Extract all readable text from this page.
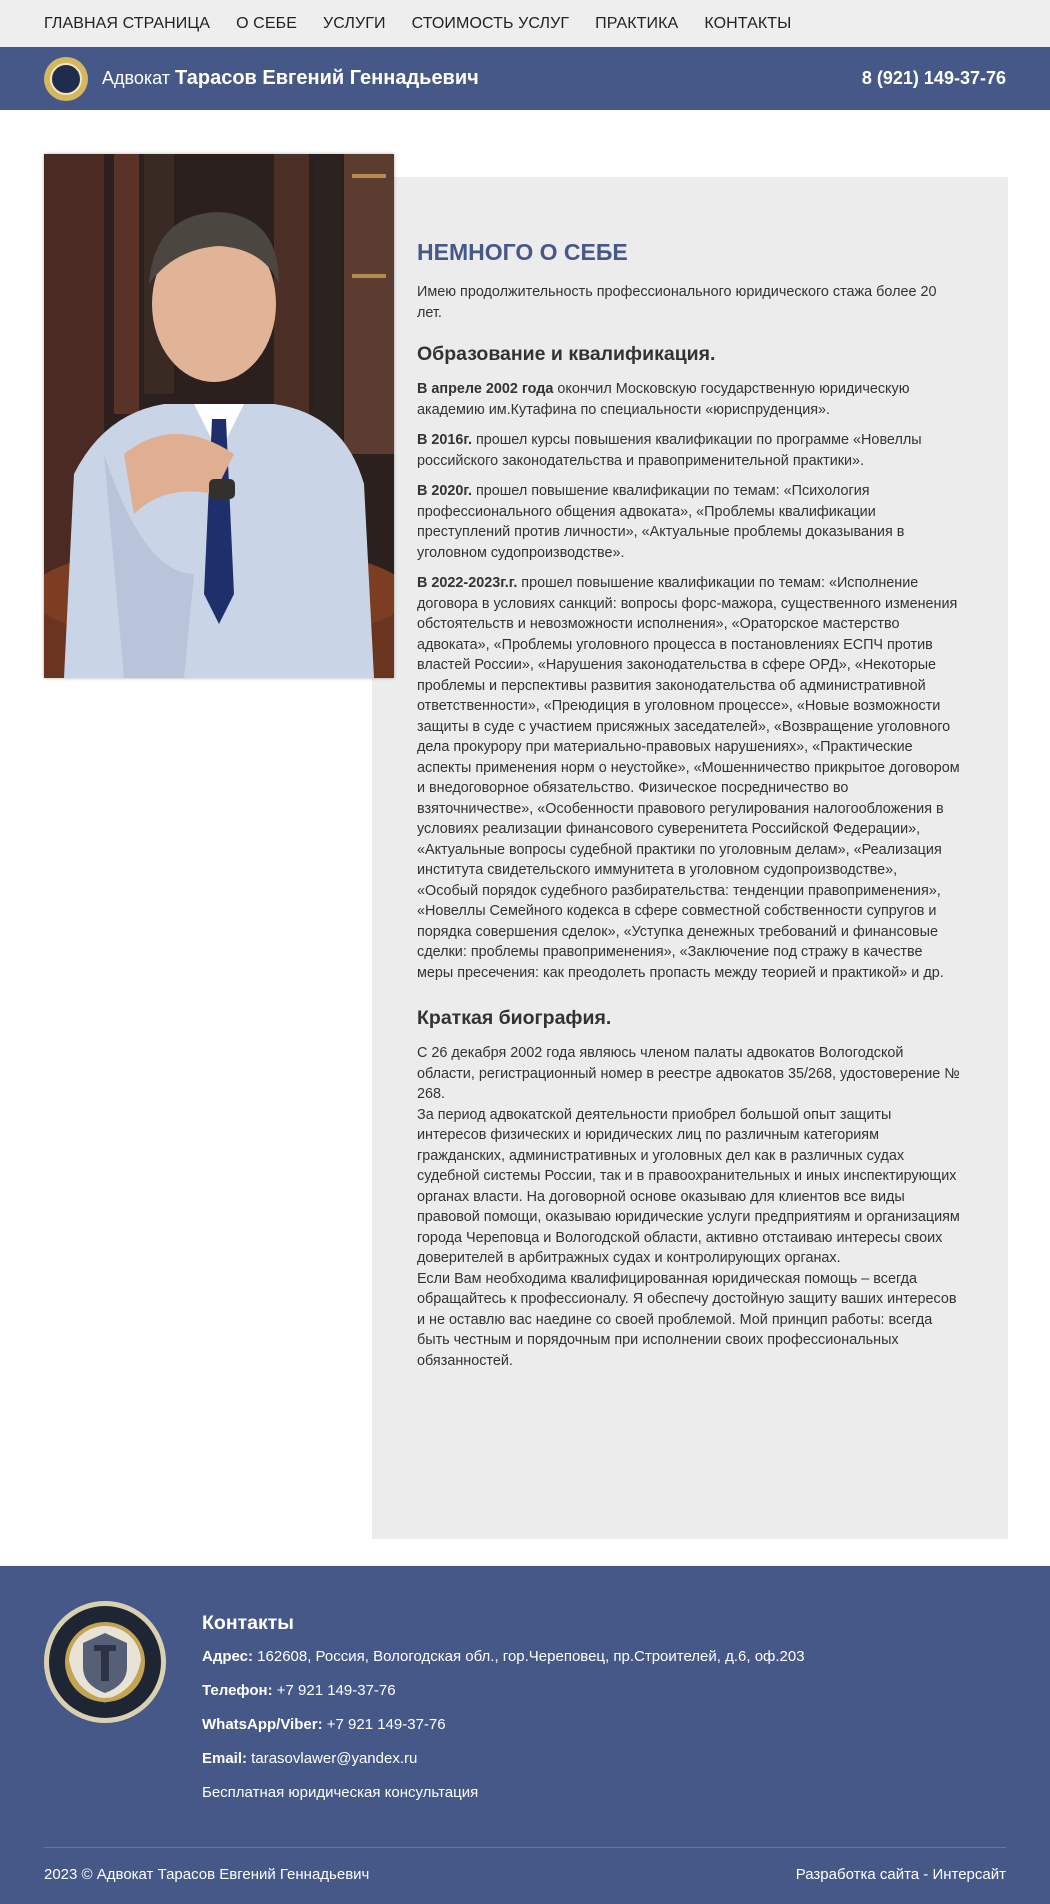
ГЛАВНАЯ СТРАНИЦА О СЕБЕ УСЛУГИ СТОИМОСТЬ УСЛУГ ПРАКТИКА КОНТАКТЫ
Адвокат Тарасов Евгений Геннадьевич	8 (921) 149-37-76
НЕМНОГО О СЕБЕ

Имею продолжительность профессионального юридического стажа более 20 лет.

Образование и квалификация.

В апреле 2002 года окончил Московскую государственную юридическую академию им.Кутафина по специальности «юриспруденция».

В 2016г. прошел курсы повышения квалификации по программе «Новеллы российского законодательства и правоприменительной практики».

В 2020г. прошел повышение квалификации по темам: «Психология профессионального общения адвоката», «Проблемы квалификации преступлений против личности», «Актуальные проблемы доказывания в уголовном судопроизводстве».

В 2022-2023г.г. прошел повышение квалификации по темам: «Исполнение договора в условиях санкций: вопросы форс-мажора, существенного изменения обстоятельств и невозможности исполнения», «Ораторское мастерство адвоката», «Проблемы уголовного процесса в постановлениях ЕСПЧ против властей России», «Нарушения законодательства в сфере ОРД», «Некоторые проблемы и перспективы развития законодательства об административной ответственности», «Преюдиция в уголовном процессе», «Новые возможности защиты в суде с участием присяжных заседателей», «Возвращение уголовного дела прокурору при материально-правовых нарушениях», «Практические аспекты применения норм о неустойке», «Мошенничество прикрытое договором и внедоговорное обязательство. Физическое посредничество во взяточничестве», «Особенности правового регулирования налогообложения в условиях реализации финансового суверенитета Российской Федерации», «Актуальные вопросы судебной практики по уголовным делам», «Реализация института свидетельского иммунитета в уголовном судопроизводстве», «Особый порядок судебного разбирательства: тенденции правоприменения», «Новеллы Семейного кодекса в сфере совместной собственности супругов и порядка совершения сделок», «Уступка денежных требований и финансовые сделки: проблемы правоприменения», «Заключение под стражу в качестве меры пресечения: как преодолеть пропасть между теорией и практикой» и др.

Краткая биография.

С 26 декабря 2002 года являюсь членом палаты адвокатов Вологодской области, регистрационный номер в реестре адвокатов 35/268, удостоверение № 268.
За период адвокатской деятельности приобрел большой опыт защиты интересов физических и юридических лиц по различным категориям гражданских, административных и уголовных дел как в различных судах судебной системы России, так и в правоохранительных и иных инспектирующих органах власти. На договорной основе оказываю для клиентов все виды правовой помощи, оказываю юридические услуги предприятиям и организациям города Череповца и Вологодской области, активно отстаиваю интересы своих доверителей в арбитражных судах и контролирующих органах.
Если Вам необходима квалифицированная юридическая помощь – всегда обращайтесь к профессионалу. Я обеспечу достойную защиту ваших интересов и не оставлю вас наедине со своей проблемой. Мой принцип работы: всегда быть честным и порядочным при исполнении своих профессиональных обязанностей.

Контакты
Адрес: 162608, Россия, Вологодская обл., гор.Череповец, пр.Строителей, д.6, оф.203
Телефон: +7 921 149-37-76
WhatsApp/Viber: +7 921 149-37-76
Email: tarasovlawer@yandex.ru
Бесплатная юридическая консультация
2023 © Адвокат Тарасов Евгений Геннадьевич	Разработка сайта - Интерсайт
